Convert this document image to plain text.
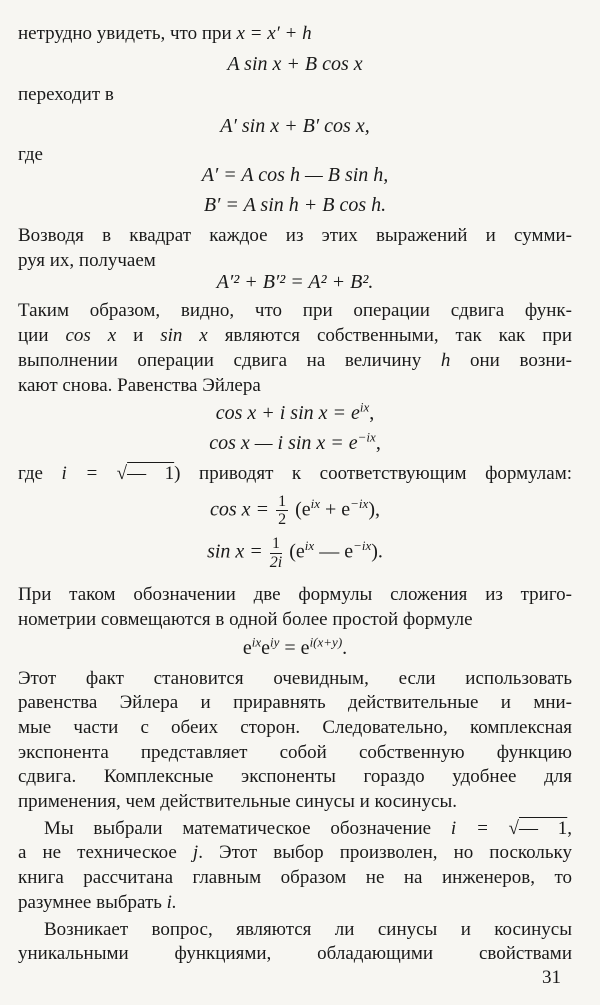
нетрудно увидеть, что при x = x′ + h

A sin x + B cos x

переходит в

A′ sin x + B′ cos x,

где

A′ = A cos h — B sin h,
B′ = A sin h + B cos h.

Возводя в квадрат каждое из этих выражений и сумми-

руя их, получаем

A′² + B′² = A² + B².

Таким образом, видно, что при операции сдвига функ-

ции cos x и sin x являются собственными, так как при

выполнении операции сдвига на величину h они возни-

кают снова. Равенства Эйлера

cos x + i $\sin x = e^{ix}$,
cos x — i $\sin x = e^{-ix}$,

где i = √— 1) приводят к соответствующим формулам:

$\cos x = \frac{1}{2} (e^{ix} + e^{-ix})$,
$\sin x = \frac{1}{2i} (e^{ix}$ — $e^{-ix}$).

При таком обозначении две формулы сложения из триго-

нометрии совмещаются в одной более простой формуле

$e^{ix}e^{iy} = e^{i(x+y)}$.

Этот факт становится очевидным, если использовать

равенства Эйлера и приравнять действительные и мни-

мые части с обеих сторон. Следовательно, комплексная

экспонента представляет собой собственную функцию

сдвига. Комплексные экспоненты гораздо удобнее для

применения, чем действительные синусы и косинусы.

Мы выбрали математическое обозначение i = √— 1,

а не техническое j. Этот выбор произволен, но поскольку

книга рассчитана главным образом не на инженеров, то

разумнее выбрать i.

Возникает вопрос, являются ли синусы и косинусы

уникальными функциями, обладающими свойствами

31
